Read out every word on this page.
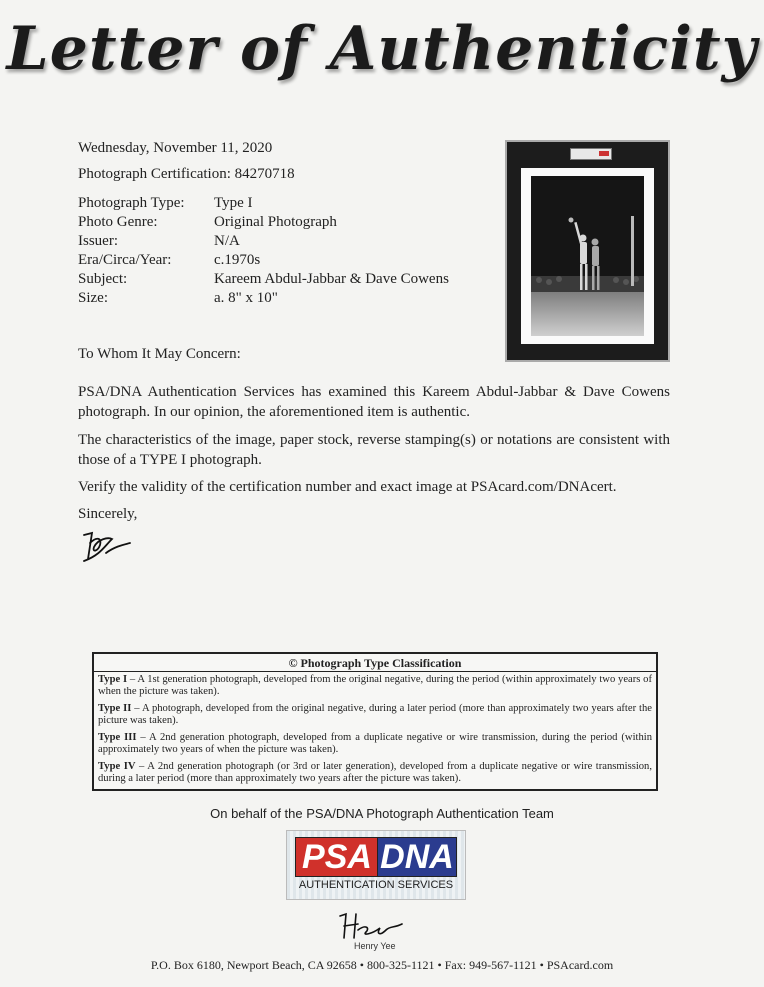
Letter of Authenticity
Wednesday, November 11, 2020
Photograph Certification: 84270718
Photograph Type:	Type I
Photo Genre:	Original Photograph
Issuer:	N/A
Era/Circa/Year:	c.1970s
Subject:	Kareem Abdul-Jabbar & Dave Cowens
Size:	a. 8" x 10"
To Whom It May Concern:
PSA/DNA Authentication Services has examined this Kareem Abdul-Jabbar & Dave Cowens photograph. In our opinion, the aforementioned item is authentic.
The characteristics of the image, paper stock, reverse stamping(s) or notations are consistent with those of a TYPE I photograph.
Verify the validity of the certification number and exact image at PSAcard.com/DNAcert.
Sincerely,
© Photograph Type Classification
Type I – A 1st generation photograph, developed from the original negative, during the period (within approximately two years of when the picture was taken).
Type II – A photograph, developed from the original negative, during a later period (more than approximately two years after the picture was taken).
Type III – A 2nd generation photograph, developed from a duplicate negative or wire transmission, during the period (within approximately two years of when the picture was taken).
Type IV – A 2nd generation photograph (or 3rd or later generation), developed from a duplicate negative or wire transmission, during a later period (more than approximately two years after the picture was taken).
On behalf of the PSA/DNA Photograph Authentication Team
PSA DNA
AUTHENTICATION SERVICES
Henry Yee
P.O. Box 6180, Newport Beach, CA 92658 • 800-325-1121 • Fax: 949-567-1121 • PSAcard.com
